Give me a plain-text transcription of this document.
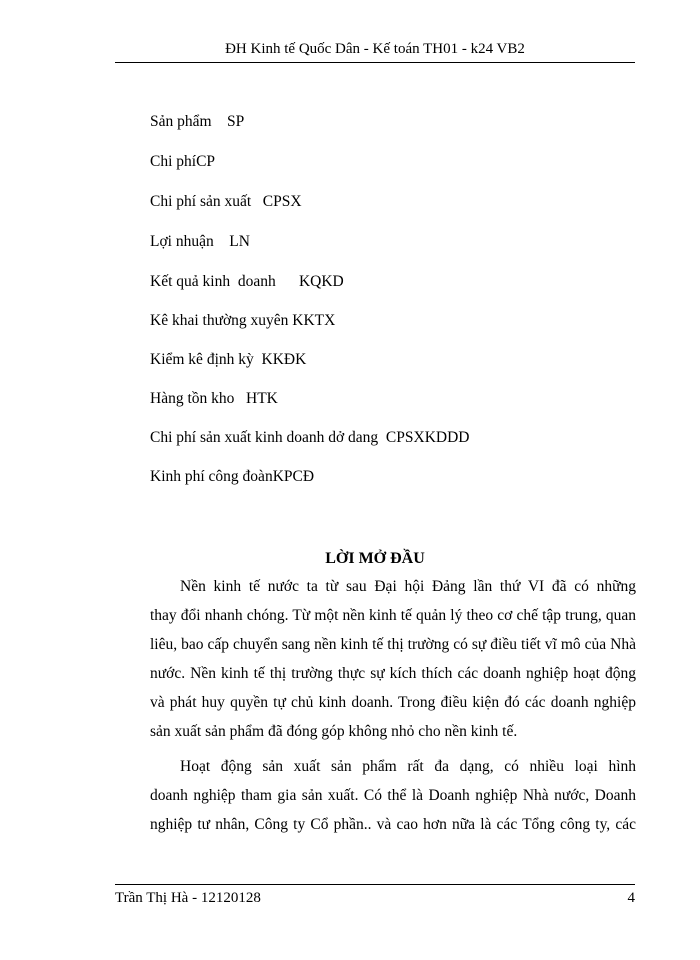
ĐH Kinh tế Quốc Dân - Kế toán TH01 - k24 VB2
Sản phẩm    SP
Chi phíCP
Chi phí sản xuất   CPSX
Lợi nhuận    LN
Kết quả kinh  doanh      KQKD
Kê khai thường xuyên KKTX
Kiểm kê định kỳ  KKĐK
Hàng tồn kho   HTK
Chi phí sản xuất kinh doanh dở dang  CPSXKDDD
Kinh phí công đoànKPCĐ
LỜI MỞ ĐẦU
Nền kinh tế nước ta từ sau Đại hội Đảng lần thứ VI đã có những
thay đổi nhanh chóng. Từ một nền kinh tế quản lý theo cơ chế tập trung, quan
liêu, bao cấp chuyển sang nền kinh tế thị trường có sự điều tiết vĩ mô của Nhà
nước. Nền kinh tế thị trường thực sự kích thích các doanh nghiệp hoạt động
và phát huy quyền tự chủ kinh doanh. Trong điều kiện đó các doanh nghiệp
sản xuất sản phẩm đã đóng góp không nhỏ cho nền kinh tế.
Hoạt động sản xuất sản phẩm rất đa dạng, có nhiều loại hình
doanh nghiệp tham gia sản xuất. Có thể là Doanh nghiệp Nhà nước, Doanh
nghiệp tư nhân, Công ty Cổ phần.. và cao hơn nữa là các Tổng công ty, các
Trần Thị Hà - 12120128	4
